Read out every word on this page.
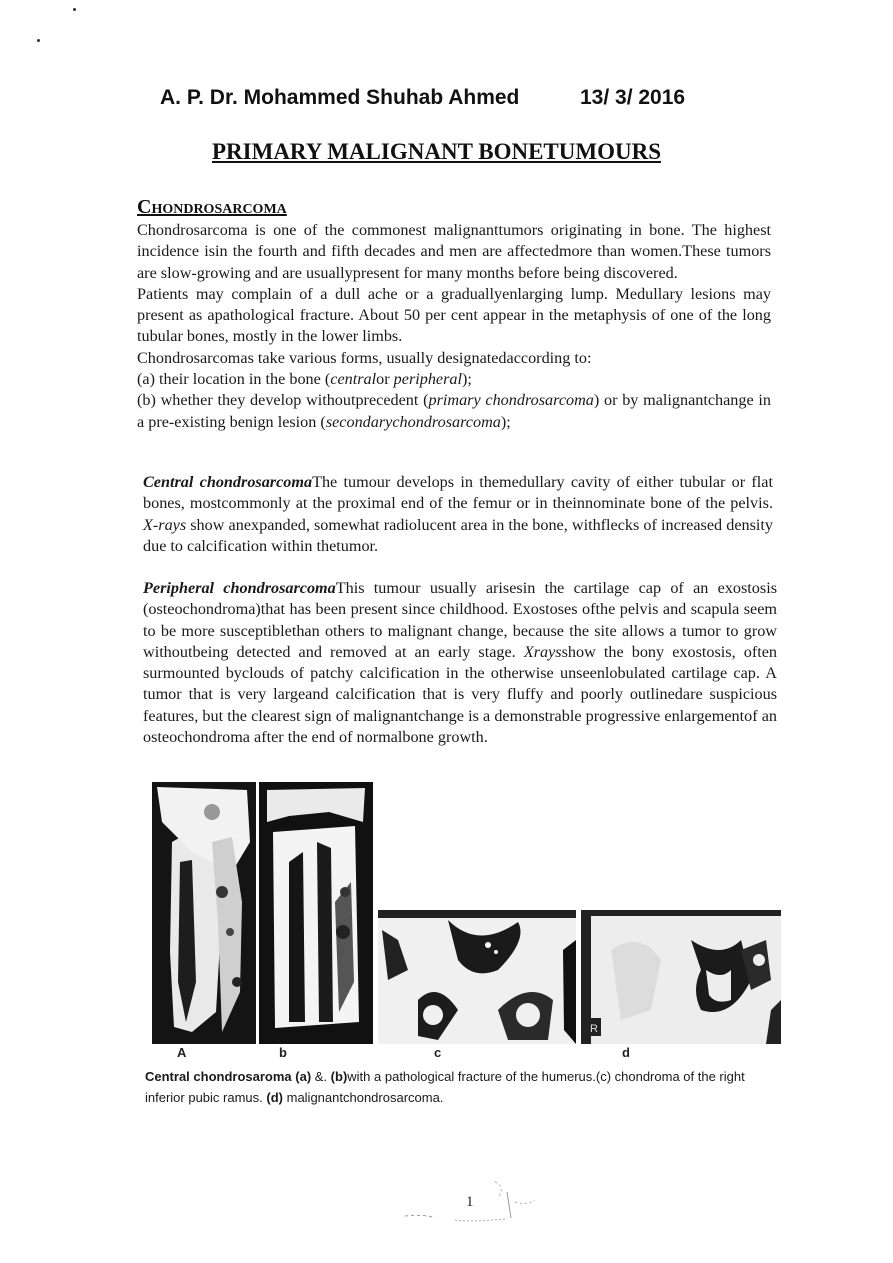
A. P. Dr. Mohammed Shuhab Ahmed	13/ 3/ 2016
PRIMARY MALIGNANT BONETUMOURS
Chondrosarcoma

Chondrosarcoma is one of the commonest malignanttumors originating in bone. The highest incidence isin the fourth and fifth decades and men are affectedmore than women.These tumors are slow-growing and are usuallypresent for many months before being discovered.

Patients may complain of a dull ache or a graduallyenlarging lump. Medullary lesions may present as apathological fracture. About 50 per cent appear in the metaphysis of one of the long tubular bones, mostly in the lower limbs.

Chondrosarcomas take various forms, usually designatedaccording to:

(a) their location in the bone (centralor peripheral);

(b) whether they develop withoutprecedent (primary chondrosarcoma) or by malignantchange in a pre-existing benign lesion (secondarychondrosarcoma);

Central chondrosarcomaThe tumour develops in themedullary cavity of either tubular or flat bones, mostcommonly at the proximal end of the femur or in theinnominate bone of the pelvis. X-rays show anexpanded, somewhat radiolucent area in the bone, withflecks of increased density due to calcification within thetumor.

Peripheral chondrosarcomaThis tumour usually arisesin the cartilage cap of an exostosis (osteochondroma)that has been present since childhood. Exostoses ofthe pelvis and scapula seem to be more susceptiblethan others to malignant change, because the site allows a tumor to grow withoutbeing detected and removed at an early stage. Xraysshow the bony exostosis, often surmounted byclouds of patchy calcification in the otherwise unseenlobulated cartilage cap. A tumor that is very largeand calcification that is very fluffy and poorly outlinedare suspicious features, but the clearest sign of malignantchange is a demonstrable progressive enlargementof an osteochondroma after the end of normalbone growth.

R
A	b	c	d
Central chondrosaroma (a) &. (b)with a pathological fracture of the humerus.(c) chondroma of the right inferior pubic ramus. (d) malignantchondrosarcoma.
1
